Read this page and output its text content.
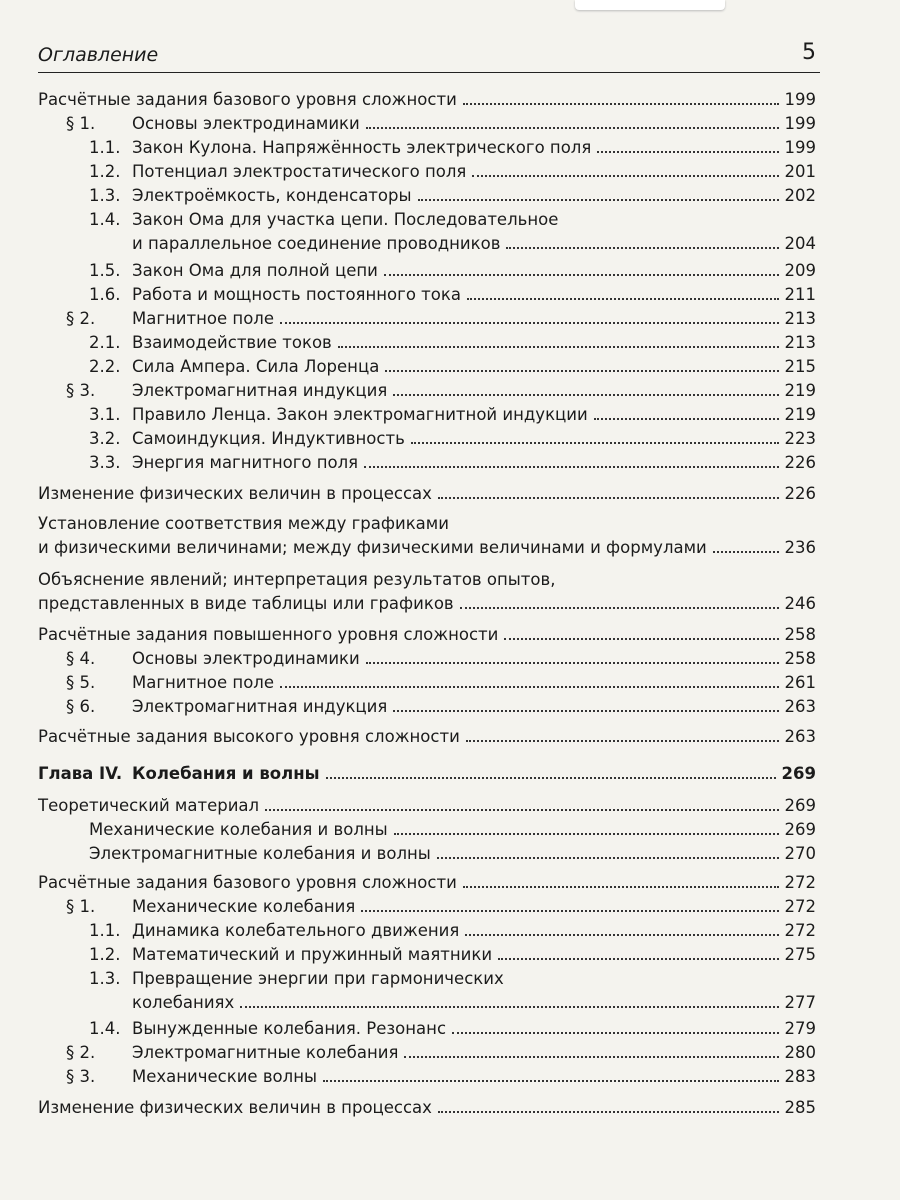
Оглавление	5
Расчётные задания базового уровня сложности	199
§ 1.	Основы электродинамики	199
1.1. Закон Кулона. Напряжённость электрического поля	199
1.2. Потенциал электростатического поля	201
1.3. Электроёмкость, конденсаторы	202
1.4. Закон Ома для участка цепи. Последовательное
и параллельное соединение проводников	204
1.5. Закон Ома для полной цепи	209
1.6. Работа и мощность постоянного тока	211
§ 2.	Магнитное поле	213
2.1. Взаимодействие токов	213
2.2. Сила Ампера. Сила Лоренца	215
§ 3.	Электромагнитная индукция	219
3.1. Правило Ленца. Закон электромагнитной индукции	219
3.2. Самоиндукция. Индуктивность	223
3.3. Энергия магнитного поля	226
Изменение физических величин в процессах	226
Установление соответствия между графиками
и физическими величинами; между физическими величинами и формулами	236
Объяснение явлений; интерпретация результатов опытов,
представленных в виде таблицы или графиков	246
Расчётные задания повышенного уровня сложности	258
§ 4.	Основы электродинамики	258
§ 5.	Магнитное поле	261
§ 6.	Электромагнитная индукция	263
Расчётные задания высокого уровня сложности	263
Глава IV. Колебания и волны	269
Теоретический материал	269
Механические колебания и волны	269
Электромагнитные колебания и волны	270
Расчётные задания базового уровня сложности	272
§ 1.	Механические колебания	272
1.1. Динамика колебательного движения	272
1.2. Математический и пружинный маятники	275
1.3. Превращение энергии при гармонических
колебаниях	277
1.4. Вынужденные колебания. Резонанс	279
§ 2.	Электромагнитные колебания	280
§ 3.	Механические волны	283
Изменение физических величин в процессах	285
